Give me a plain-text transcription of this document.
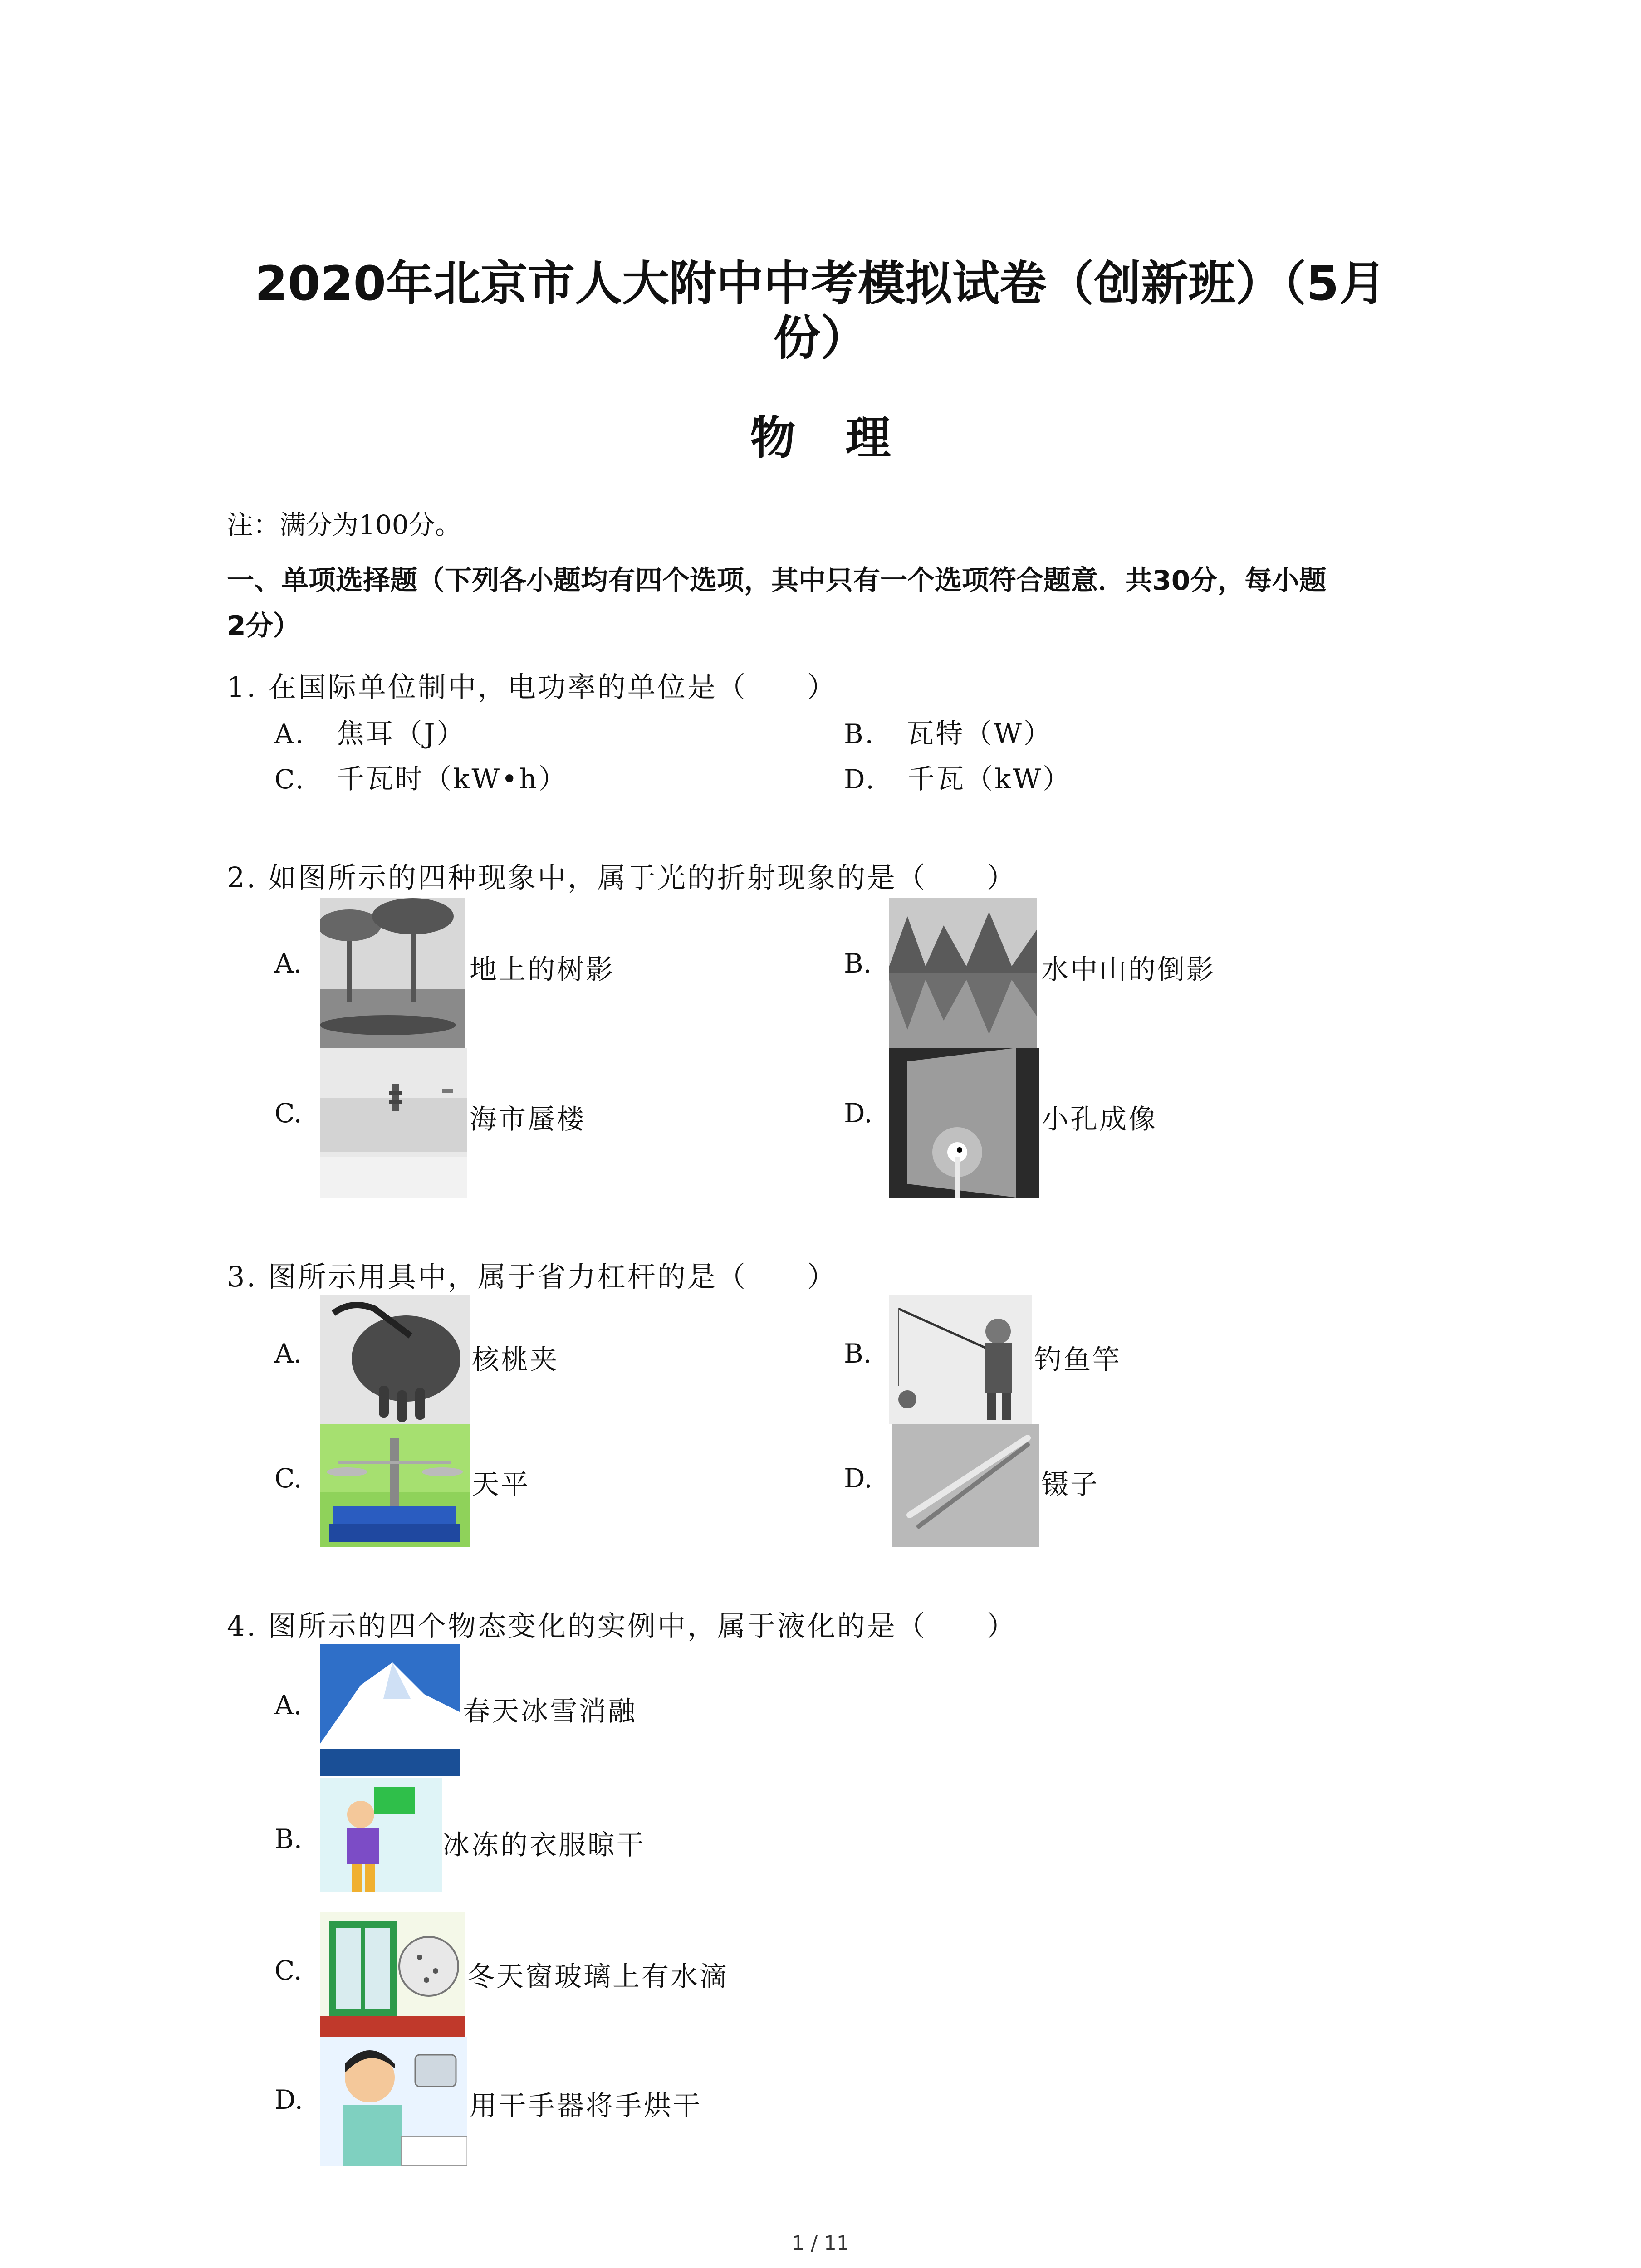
2020年北京市人大附中中考模拟试卷（创新班）（5月
份）
物理
注：满分为100分。
一、单项选择题（下列各小题均有四个选项，其中只有一个选项符合题意．共30分，每小题
2分）
1. 在国际单位制中，电功率的单位是（　　）
A. 焦耳（J）	B. 瓦特（W）
C. 千瓦时（kW•h）	D. 千瓦（kW）
2. 如图所示的四种现象中，属于光的折射现象的是（　　）
A.	地上的树影	B.	水中山的倒影
C.	海市蜃楼	D.	小孔成像
3. 图所示用具中，属于省力杠杆的是（　　）
A.	核桃夹	B.	钓鱼竿
C.	天平	D.	镊子
4. 图所示的四个物态变化的实例中，属于液化的是（　　）
A.	春天冰雪消融
B.	冰冻的衣服晾干
C.	冬天窗玻璃上有水滴
D.	用干手器将手烘干
1 / 11
